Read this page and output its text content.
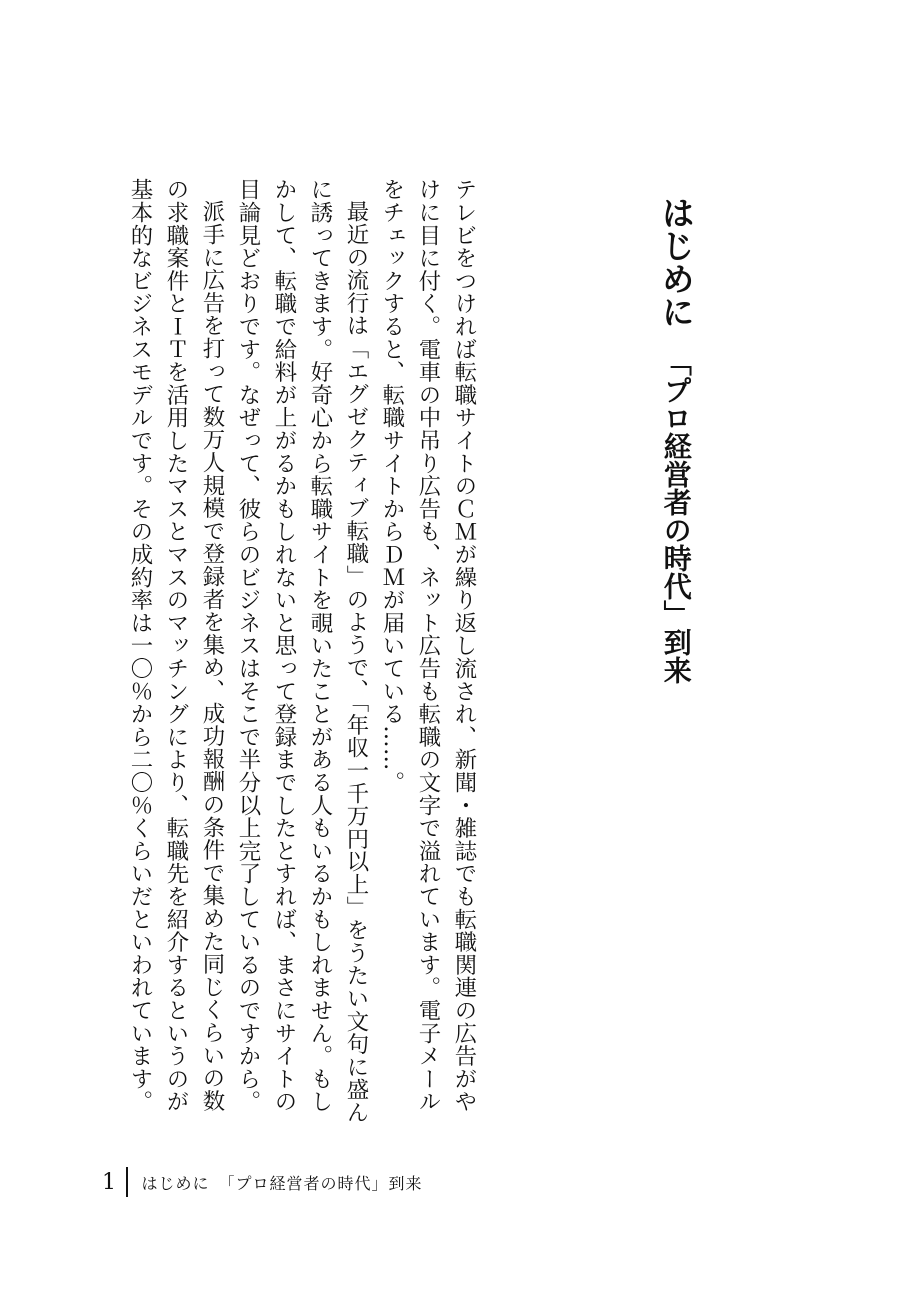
はじめに「プロ経営者の時代」到来

テレビをつければ転職サイトのＣＭが繰り返し流され、新聞・雑誌でも転職関連の広告がやけに目に付く。電車の中吊り広告も、ネット広告も転職の文字で溢れています。電子メールをチェックすると、転職サイトからＤＭが届いている……。

最近の流行は「エグゼクティブ転職」のようで、「年収一千万円以上」をうたい文句に盛んに誘ってきます。好奇心から転職サイトを覗いたことがある人もいるかもしれません。もしかして、転職で給料が上がるかもしれないと思って登録までしたとすれば、まさにサイトの目論見どおりです。なぜって、彼らのビジネスはそこで半分以上完了しているのですから。

派手に広告を打って数万人規模で登録者を集め、成功報酬の条件で集めた同じくらいの数の求職案件とＩＴを活用したマスとマスのマッチングにより、転職先を紹介するというのが基本的なビジネスモデルです。その成約率は一〇％から二〇％くらいだといわれています。

1 はじめに　「プロ経営者の時代」到来
